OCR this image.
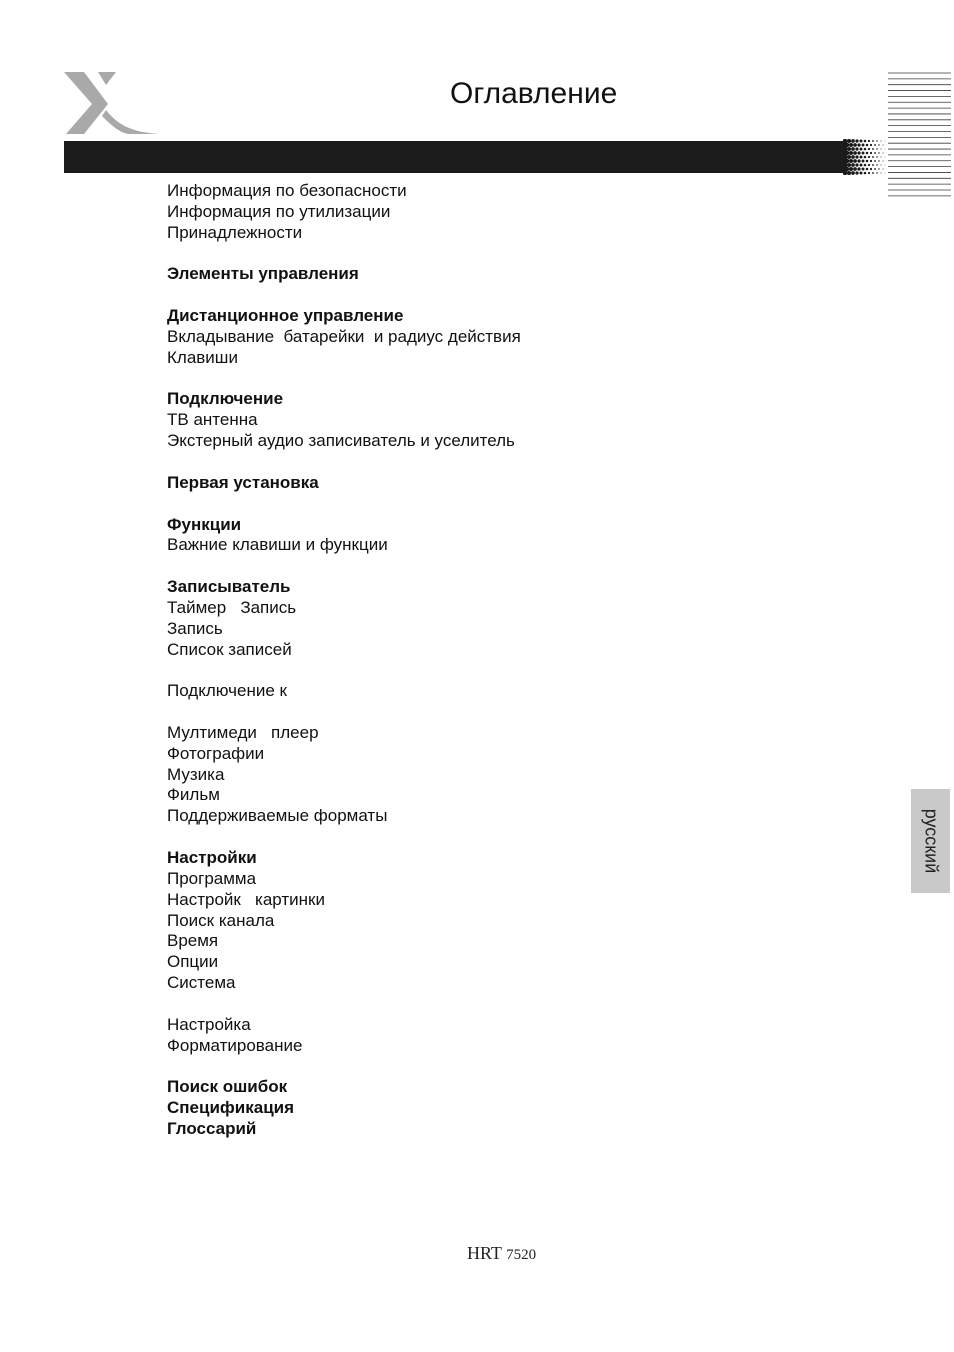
Оглавление
Информация по безопасности
Информация по утилизации
Принадлежности
Элементы управления
Дистанционное управление
Вкладывание  батарейки  и радиус действия
Клавиши
Подключение
ТВ антенна
Экстерный аудио записиватель и уселитель
Первая установка
Функции
Важние клавиши и функции
Записыватель
Таймер   Запись
Запись
Список записей
Подключение к
Мултимеди   плеер
Фотографии
Музика
Фильм
Поддерживаемые форматы
Настройки
Программа
Настройк   картинки
Поиск канала
Время
Опции
Система
Настройка
Форматирование
Поиск ошибок
Спецификация
Глоссарий
русский
HRT 7520
